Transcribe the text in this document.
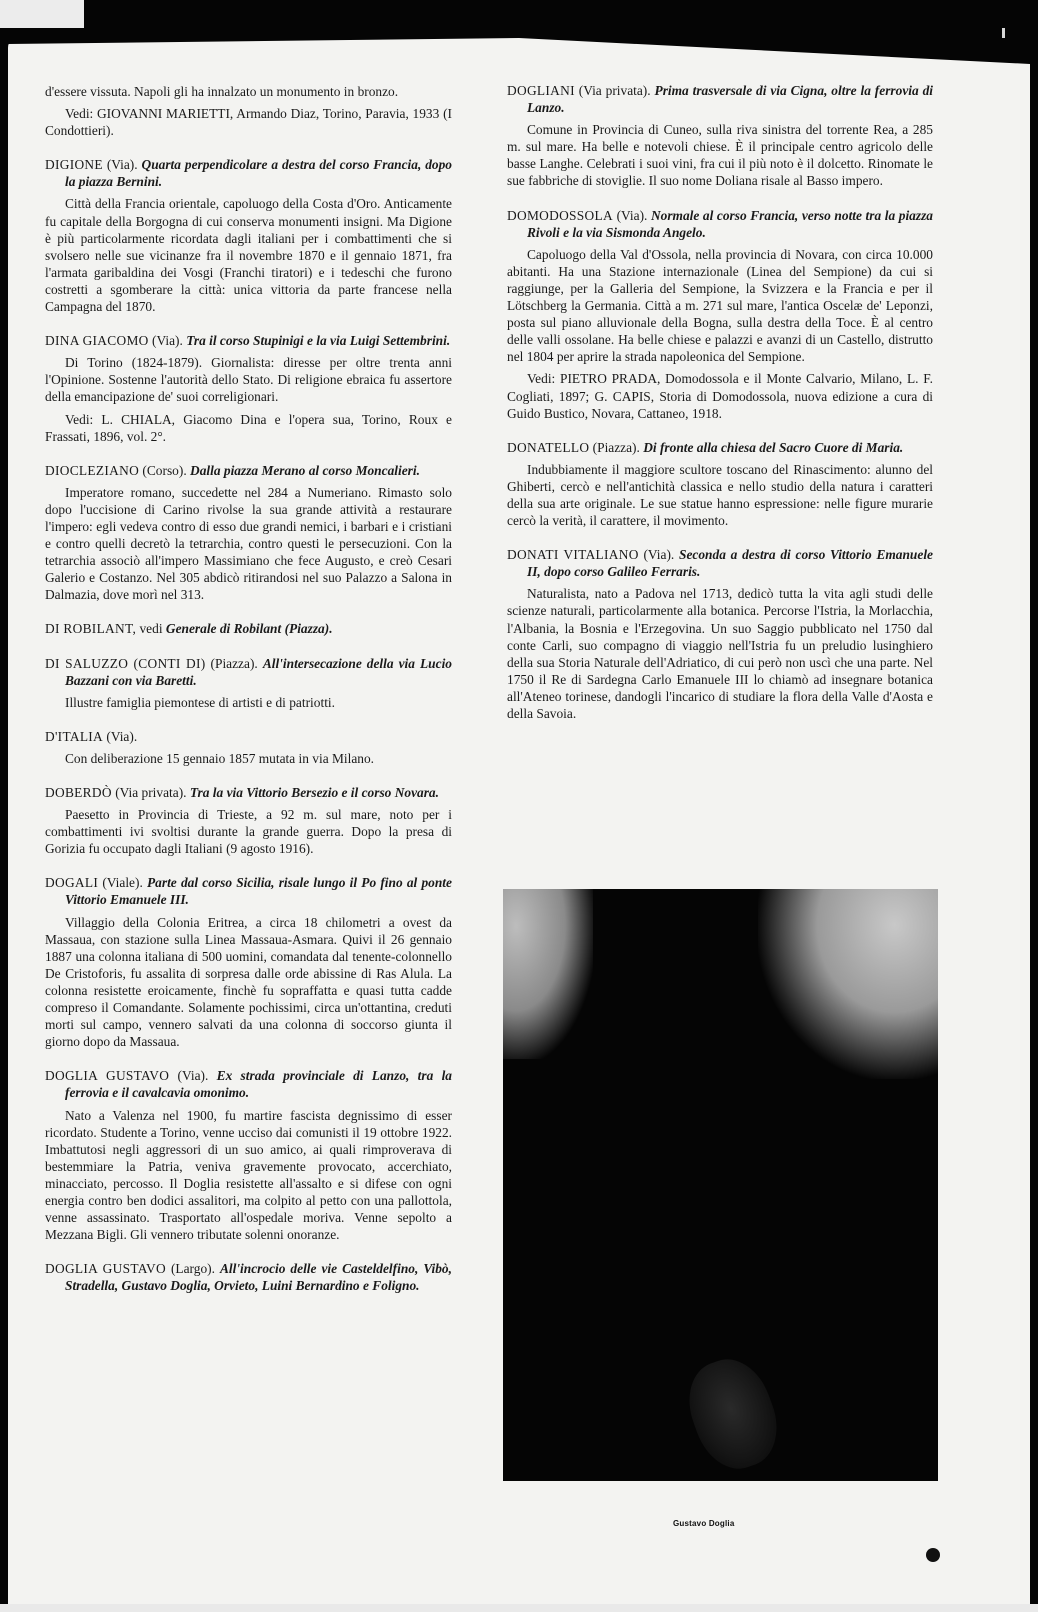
d'essere vissuta. Napoli gli ha innalzato un monumento in bronzo.

Vedi: GIOVANNI MARIETTI, Armando Diaz, Torino, Paravia, 1933 (I Condottieri).

DIGIONE (Via). Quarta perpendicolare a destra del corso Francia, dopo la piazza Bernini.

Città della Francia orientale, capoluogo della Costa d'Oro. Anticamente fu capitale della Borgogna di cui conserva monumenti insigni. Ma Digione è più particolarmente ricordata dagli italiani per i combattimenti che si svolsero nelle sue vicinanze fra il novembre 1870 e il gennaio 1871, fra l'armata garibaldina dei Vosgi (Franchi tiratori) e i tedeschi che furono costretti a sgomberare la città: unica vittoria da parte francese nella Campagna del 1870.

DINA GIACOMO (Via). Tra il corso Stupinigi e la via Luigi Settembrini.

Di Torino (1824-1879). Giornalista: diresse per oltre trenta anni l'Opinione. Sostenne l'autorità dello Stato. Di religione ebraica fu assertore della emancipazione de' suoi correligionari.

Vedi: L. CHIALA, Giacomo Dina e l'opera sua, Torino, Roux e Frassati, 1896, vol. 2°.

DIOCLEZIANO (Corso). Dalla piazza Merano al corso Moncalieri.

Imperatore romano, succedette nel 284 a Numeriano. Rimasto solo dopo l'uccisione di Carino rivolse la sua grande attività a restaurare l'impero: egli vedeva contro di esso due grandi nemici, i barbari e i cristiani e contro quelli decretò la tetrarchia, contro questi le persecuzioni. Con la tetrarchia associò all'impero Massimiano che fece Augusto, e creò Cesari Galerio e Costanzo. Nel 305 abdicò ritirandosi nel suo Palazzo a Salona in Dalmazia, dove morì nel 313.

DI ROBILANT, vedi Generale di Robilant (Piazza).

DI SALUZZO (CONTI DI) (Piazza). All'intersecazione della via Lucio Bazzani con via Baretti.

Illustre famiglia piemontese di artisti e di patriotti.

D'ITALIA (Via).

Con deliberazione 15 gennaio 1857 mutata in via Milano.

DOBERDÒ (Via privata). Tra la via Vittorio Bersezio e il corso Novara.

Paesetto in Provincia di Trieste, a 92 m. sul mare, noto per i combattimenti ivi svoltisi durante la grande guerra. Dopo la presa di Gorizia fu occupato dagli Italiani (9 agosto 1916).

DOGALI (Viale). Parte dal corso Sicilia, risale lungo il Po fino al ponte Vittorio Emanuele III.

Villaggio della Colonia Eritrea, a circa 18 chilometri a ovest da Massaua, con stazione sulla Linea Massaua-Asmara. Quivi il 26 gennaio 1887 una colonna italiana di 500 uomini, comandata dal tenente-colonnello De Cristoforis, fu assalita di sorpresa dalle orde abissine di Ras Alula. La colonna resistette eroicamente, finchè fu sopraffatta e quasi tutta cadde compreso il Comandante. Solamente pochissimi, circa un'ottantina, creduti morti sul campo, vennero salvati da una colonna di soccorso giunta il giorno dopo da Massaua.

DOGLIA GUSTAVO (Via). Ex strada provinciale di Lanzo, tra la ferrovia e il cavalcavia omonimo.

Nato a Valenza nel 1900, fu martire fascista degnissimo di esser ricordato. Studente a Torino, venne ucciso dai comunisti il 19 ottobre 1922. Imbattutosi negli aggressori di un suo amico, ai quali rimproverava di bestemmiare la Patria, veniva gravemente provocato, accerchiato, minacciato, percosso. Il Doglia resistette all'assalto e si difese con ogni energia contro ben dodici assalitori, ma colpito al petto con una pallottola, venne assassinato. Trasportato all'ospedale moriva. Venne sepolto a Mezzana Bigli. Gli vennero tributate solenni onoranze.

DOGLIA GUSTAVO (Largo). All'incrocio delle vie Casteldelfino, Vibò, Stradella, Gustavo Doglia, Orvieto, Luini Bernardino e Foligno.

DOGLIANI (Via privata). Prima trasversale di via Cigna, oltre la ferrovia di Lanzo.

Comune in Provincia di Cuneo, sulla riva sinistra del torrente Rea, a 285 m. sul mare. Ha belle e notevoli chiese. È il principale centro agricolo delle basse Langhe. Celebrati i suoi vini, fra cui il più noto è il dolcetto. Rinomate le sue fabbriche di stoviglie. Il suo nome Doliana risale al Basso impero.

DOMODOSSOLA (Via). Normale al corso Francia, verso notte tra la piazza Rivoli e la via Sismonda Angelo.

Capoluogo della Val d'Ossola, nella provincia di Novara, con circa 10.000 abitanti. Ha una Stazione internazionale (Linea del Sempione) da cui si raggiunge, per la Galleria del Sempione, la Svizzera e la Francia e per il Lötschberg la Germania. Città a m. 271 sul mare, l'antica Oscelæ de' Leponzi, posta sul piano alluvionale della Bogna, sulla destra della Toce. È al centro delle valli ossolane. Ha belle chiese e palazzi e avanzi di un Castello, distrutto nel 1804 per aprire la strada napoleonica del Sempione.

Vedi: PIETRO PRADA, Domodossola e il Monte Calvario, Milano, L. F. Cogliati, 1897; G. CAPIS, Storia di Domodossola, nuova edizione a cura di Guido Bustico, Novara, Cattaneo, 1918.

DONATELLO (Piazza). Di fronte alla chiesa del Sacro Cuore di Maria.

Indubbiamente il maggiore scultore toscano del Rinascimento: alunno del Ghiberti, cercò e nell'antichità classica e nello studio della natura i caratteri della sua arte originale. Le sue statue hanno espressione: nelle figure murarie cercò la verità, il carattere, il movimento.

DONATI VITALIANO (Via). Seconda a destra di corso Vittorio Emanuele II, dopo corso Galileo Ferraris.

Naturalista, nato a Padova nel 1713, dedicò tutta la vita agli studi delle scienze naturali, particolarmente alla botanica. Percorse l'Istria, la Morlacchia, l'Albania, la Bosnia e l'Erzegovina. Un suo Saggio pubblicato nel 1750 dal conte Carli, suo compagno di viaggio nell'Istria fu un preludio lusinghiero della sua Storia Naturale dell'Adriatico, di cui però non uscì che una parte. Nel 1750 il Re di Sardegna Carlo Emanuele III lo chiamò ad insegnare botanica all'Ateneo torinese, dandogli l'incarico di studiare la flora della Valle d'Aosta e della Savoia.

Gustavo Doglia
